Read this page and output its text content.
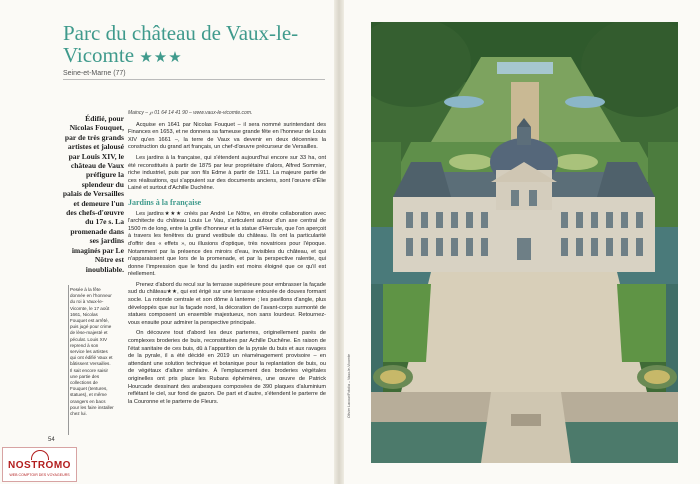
Parc du château de Vaux-le-Vicomte ★★★
Seine-et-Marne (77)
Édifié, pour Nicolas Fouquet, par de très grands artistes et jalousé par Louis XIV, le château de Vaux préfigure la splendeur du palais de Versailles et demeure l'un des chefs-d'œuvre du 17e s. La promenade dans ses jardins imaginés par Le Nôtre est inoubliable.
Pesée à la fête donnée en l'honneur du roi à Vaux-le-Vicomte, le 17 août 1661, Nicolas Fouquet est arrêté, puis jugé pour crime de lèse-majesté et péculat. Louis XIV reprend à son service les artistes qui ont édifié Vaux et bâtissent Versailles. Il sait encore saisir une partie des collections de Fouquet (tentures, statues), et même orangers en bacs pour les faire installer chez lui.
Maincy – ℘ 01 64 14 41 90 – www.vaux-le-vicomte.com.

Acquise en 1641 par Nicolas Fouquet – il sera nommé surintendant des Finances en 1653, et ne donnera sa fameuse grande fête en l'honneur de Louis XIV qu'en 1661 –, la terre de Vaux va devenir en deux décennies la construction du grand art français, un chef-d'œuvre précurseur de Versailles.

Les jardins à la française, qui s'étendent aujourd'hui encore sur 33 ha, ont été reconstitués à partir de 1875 par leur propriétaire d'alors, Alfred Sommier, riche industriel, puis par son fils Edme à partir de 1911. La majeure partie de ces réalisations, qui s'appuient sur des documents anciens, sont l'œuvre d'Élie Lainé et surtout d'Achille Duchêne.

Jardins à la française

Les jardins★★★ créés par André Le Nôtre, en étroite collaboration avec l'architecte du château Louis Le Vau, s'articulent autour d'un axe central de 1500 m de long, entre la grille d'honneur et la statue d'Hercule, que l'on aperçoit à travers les fenêtres du grand vestibule du château. Ils ont la particularité d'offrir des « effets », ou illusions d'optique, très novatrices pour l'époque. Notamment par la présence des miroirs d'eau, invisibles du château, et qui n'apparaissent que lors de la promenade, et par la perspective ralentie, qui donne l'impression que le fond du jardin est moins éloigné que ce qu'il est réellement.

Prenez d'abord du recul sur la terrasse supérieure pour embrasser la façade sud du château★★, qui est érigé sur une terrasse entourée de douves formant socle. La rotonde centrale et son dôme à lanterne ; les pavillons d'angle, plus développés que sur la façade nord, la décoration de l'avant-corps surmonté de statues composent un ensemble majestueux, non sans lourdeur. Retournez-vous ensuite pour admirer la perspective principale.

On découvre tout d'abord les deux parterres, originellement parés de complexes broderies de buis, reconstituées par Achille Duchêne. En raison de l'état sanitaire de ces buis, dû à l'apparition de la pyrale du buis et aux ravages de la pyrale, il a été décidé en 2019 un réaménagement provisoire – en attendant une solution technique et botanique pour la replantation de buis, ou de végétaux d'allure similaire. À l'emplacement des broderies végétales originelles ont pris place les Rubans éphémères, une œuvre de Patrick Hourcade dessinant des arabesques composées de 390 plaques d'aluminium reflétant le ciel, sur fond de gazon. De part et d'autre, s'étendent le parterre de la Couronne et le parterre de Fleurs.

54
Olivier Lacour/Fotolia – Vaux-le-Vicomte
NOSTROMO
WEB COMPTOIR DES VOYAGEURS
